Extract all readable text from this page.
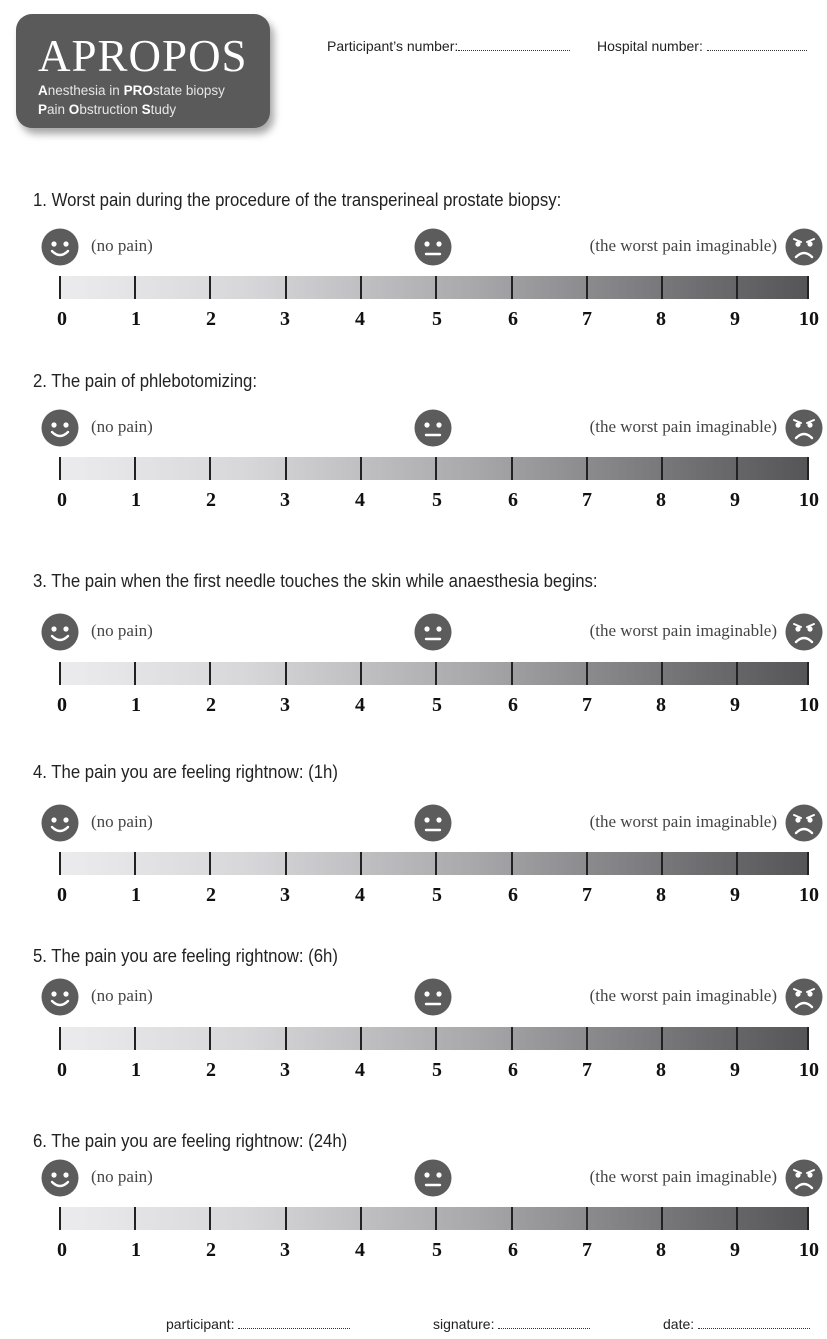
APROPOS
Anesthesia in PROstate biopsy
Pain Obstruction Study
Participant’s number:	Hospital number:
1. Worst pain during the procedure of the transperineal prostate biopsy:
(no pain)	(the worst pain imaginable)
0	1	2	3	4	5	6	7	8	9	10
2. The pain of phlebotomizing:
(no pain)	(the worst pain imaginable)
0	1	2	3	4	5	6	7	8	9	10
3. The pain when the first needle touches the skin while anaesthesia begins:
(no pain)	(the worst pain imaginable)
0	1	2	3	4	5	6	7	8	9	10
4. The pain you are feeling rightnow: (1h)
(no pain)	(the worst pain imaginable)
0	1	2	3	4	5	6	7	8	9	10
5. The pain you are feeling rightnow: (6h)
(no pain)	(the worst pain imaginable)
0	1	2	3	4	5	6	7	8	9	10
6. The pain you are feeling rightnow: (24h)
(no pain)	(the worst pain imaginable)
0	1	2	3	4	5	6	7	8	9	10
participant:	signature:	date:
